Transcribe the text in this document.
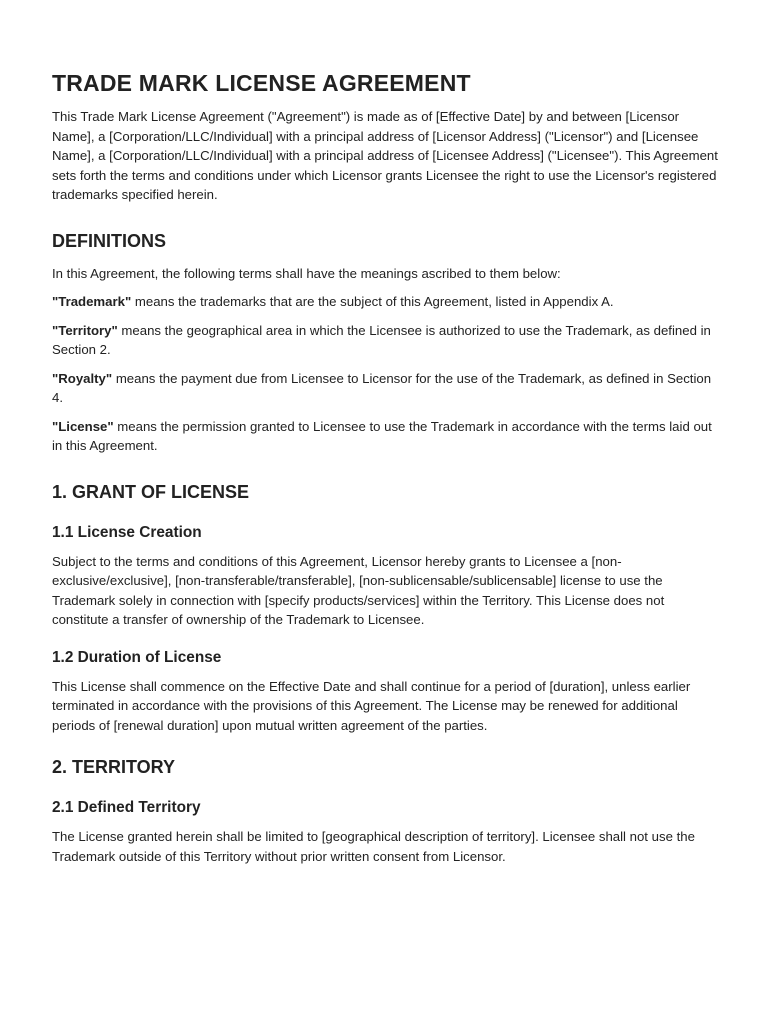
TRADE MARK LICENSE AGREEMENT

This Trade Mark License Agreement ("Agreement") is made as of [Effective Date] by and between [Licensor Name], a [Corporation/LLC/Individual] with a principal address of [Licensor Address] ("Licensor") and [Licensee Name], a [Corporation/LLC/Individual] with a principal address of [Licensee Address] ("Licensee"). This Agreement sets forth the terms and conditions under which Licensor grants Licensee the right to use the Licensor's registered trademarks specified herein.

DEFINITIONS

In this Agreement, the following terms shall have the meanings ascribed to them below:

"Trademark" means the trademarks that are the subject of this Agreement, listed in Appendix A.

"Territory" means the geographical area in which the Licensee is authorized to use the Trademark, as defined in Section 2.

"Royalty" means the payment due from Licensee to Licensor for the use of the Trademark, as defined in Section 4.

"License" means the permission granted to Licensee to use the Trademark in accordance with the terms laid out in this Agreement.

1. GRANT OF LICENSE
1.1 License Creation

Subject to the terms and conditions of this Agreement, Licensor hereby grants to Licensee a [non-exclusive/exclusive], [non-transferable/transferable], [non-sublicensable/sublicensable] license to use the Trademark solely in connection with [specify products/services] within the Territory. This License does not constitute a transfer of ownership of the Trademark to Licensee.

1.2 Duration of License

This License shall commence on the Effective Date and shall continue for a period of [duration], unless earlier terminated in accordance with the provisions of this Agreement. The License may be renewed for additional periods of [renewal duration] upon mutual written agreement of the parties.

2. TERRITORY
2.1 Defined Territory

The License granted herein shall be limited to [geographical description of territory]. Licensee shall not use the Trademark outside of this Territory without prior written consent from Licensor.
